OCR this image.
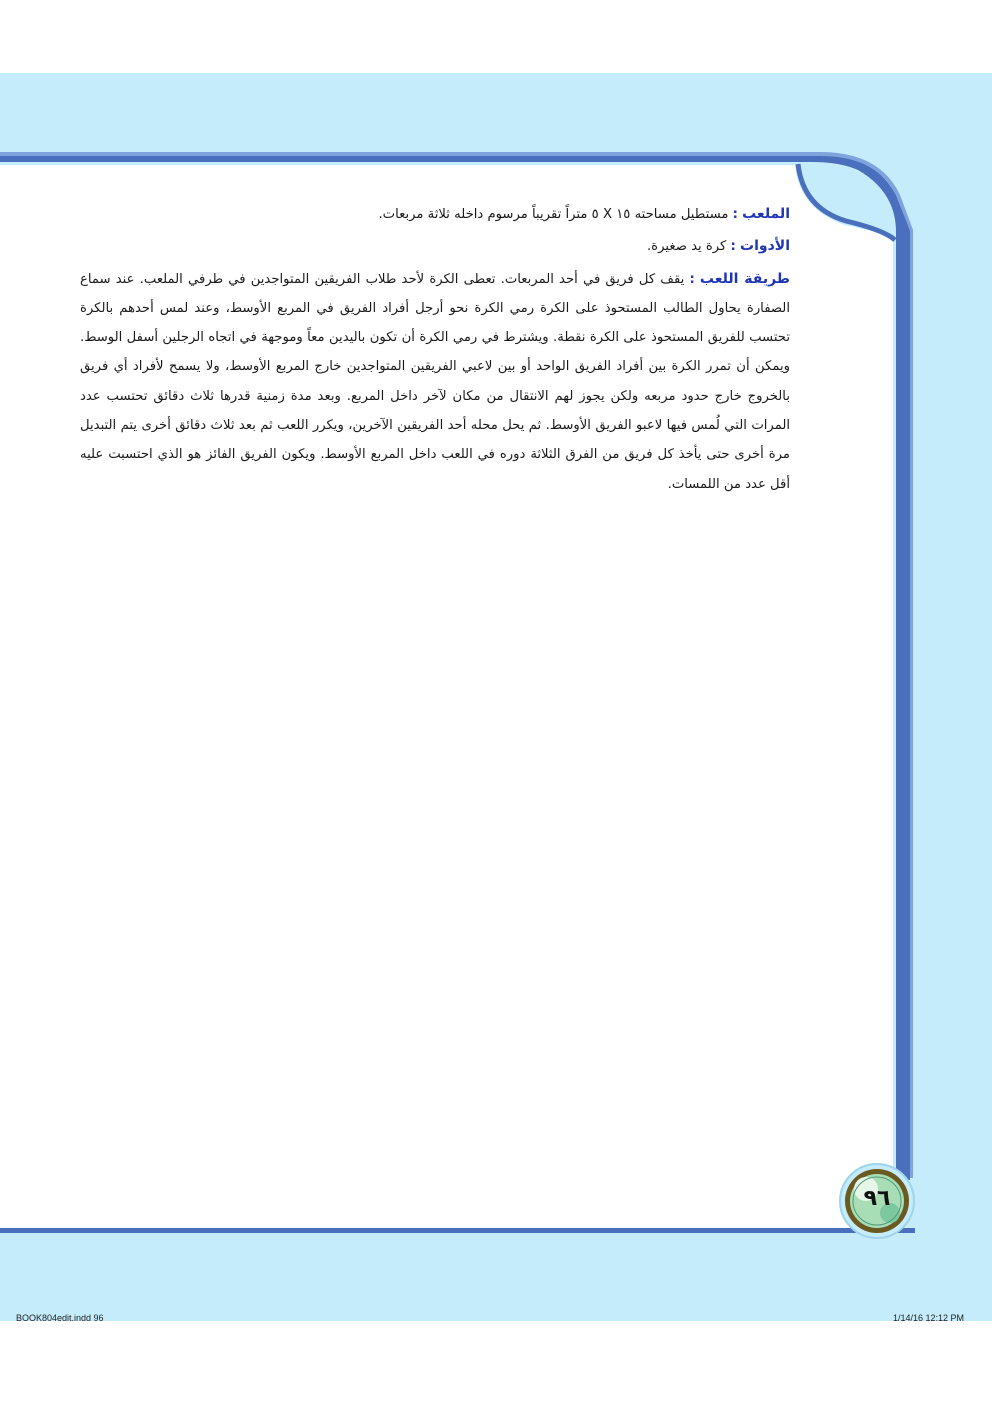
الملعب : مستطيل مساحته ١٥ X ٥ متراً تقريباً مرسوم داخله ثلاثة مربعات.

الأدوات : كرة يد صغيرة.

طريقة اللعب : يقف كل فريق في أحد المربعات. تعطى الكرة لأحد طلاب الفريقين المتواجدين في طرفي الملعب. عند سماع الصفارة يحاول الطالب المستحوذ على الكرة رمي الكرة نحو أرجل أفراد الفريق في المربع الأوسط، وعند لمس أحدهم بالكرة تحتسب للفريق المستحوذ على الكرة نقطة. ويشترط في رمي الكرة أن تكون باليدين معاً وموجهة في اتجاه الرجلين أسفل الوسط. ويمكن أن تمرر الكرة بين أفراد الفريق الواحد أو بين لاعبي الفريقين المتواجدين خارج المربع الأوسط، ولا يسمح لأفراد أي فريق بالخروج خارج حدود مربعه ولكن يجوز لهم الانتقال من مكان لآخر داخل المربع. وبعد مدة زمنية قدرها ثلاث دقائق تحتسب عدد المرات التي لُمس فيها لاعبو الفريق الأوسط. ثم يحل محله أحد الفريقين الآخرين، ويكرر اللعب ثم بعد ثلاث دقائق أخرى يتم التبديل مرة أخرى حتى يأخذ كل فريق من الفرق الثلاثة دوره في اللعب داخل المربع الأوسط. ويكون الفريق الفائز هو الذي احتسبت عليه أقل عدد من اللمسات.

٩٦
BOOK804edit.indd 96	1/14/16 12:12 PM
